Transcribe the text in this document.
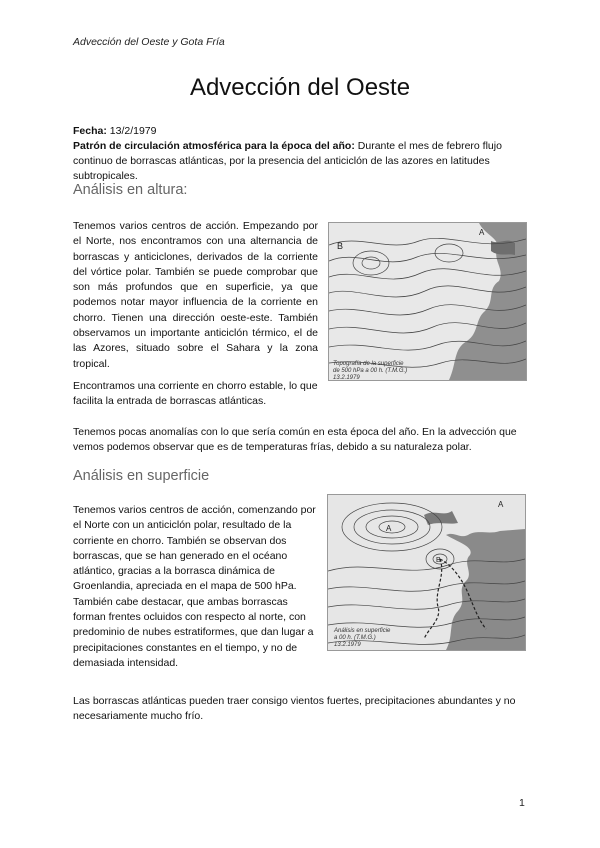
Advección del Oeste y Gota Fría
Advección del Oeste
Fecha: 13/2/1979
Patrón de circulación atmosférica para la época del año: Durante el mes de febrero flujo continuo de borrascas atlánticas, por la presencia del anticiclón de las azores en latitudes subtropicales.
Análisis en altura:
Tenemos varios centros de acción. Empezando por el Norte, nos encontramos con una alternancia de borrascas y anticiclones, derivados de la corriente del vórtice polar. También se puede comprobar que son más profundos que en superficie, ya que podemos notar mayor influencia de la corriente en chorro. Tienen una dirección oeste-este. También observamos un importante anticiclón térmico, el de las Azores, situado sobre el Sahara y la zona tropical.
Encontramos una corriente en chorro estable, lo que facilita la entrada de borrascas atlánticas.
Tenemos pocas anomalías con lo que sería común en esta época del año. En la advección que vemos podemos observar que es de temperaturas frías, debido a su naturaleza polar.
B
A
Topografía de la superficie
de 500 hPa a 00 h. (T.M.G.)
13.2.1979
Análisis en superficie
Tenemos varios centros de acción, comenzando por el Norte con un anticiclón polar, resultado de la corriente en chorro. También se observan dos borrascas, que se han generado en el océano atlántico, gracias a la borrasca dinámica de Groenlandia, apreciada en el mapa de 500 hPa. También cabe destacar, que ambas borrascas forman frentes ocluidos con respecto al norte, con predominio de nubes estratiformes, que dan lugar a precipitaciones constantes en el tiempo, y no de demasiada intensidad.
Las borrascas atlánticas pueden traer consigo vientos fuertes, precipitaciones abundantes y no necesariamente mucho frío.
A
B
A
Análisis en superficie
a 00 h. (T.M.G.)
13.2.1979
1
